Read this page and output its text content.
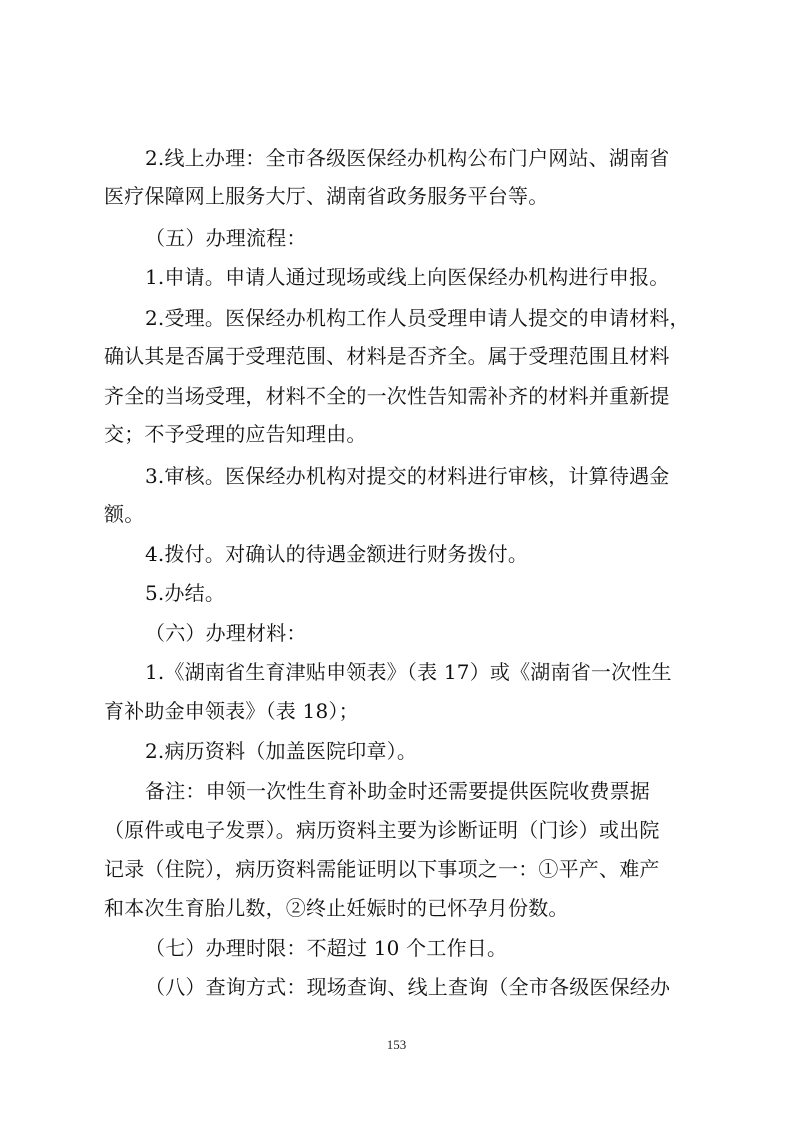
2.线上办理：全市各级医保经办机构公布门户网站、湖南省
医疗保障网上服务大厅、湖南省政务服务平台等。
（五）办理流程：
1.申请。申请人通过现场或线上向医保经办机构进行申报。
2.受理。医保经办机构工作人员受理申请人提交的申请材料，
确认其是否属于受理范围、材料是否齐全。属于受理范围且材料
齐全的当场受理，材料不全的一次性告知需补齐的材料并重新提
交；不予受理的应告知理由。
3.审核。医保经办机构对提交的材料进行审核，计算待遇金
额。
4.拨付。对确认的待遇金额进行财务拨付。
5.办结。
（六）办理材料：
1.《湖南省生育津贴申领表》（表 17）或《湖南省一次性生
育补助金申领表》（表 18）；
2.病历资料（加盖医院印章）。
备注：申领一次性生育补助金时还需要提供医院收费票据
（原件或电子发票）。病历资料主要为诊断证明（门诊）或出院
记录（住院），病历资料需能证明以下事项之一：①平产、难产
和本次生育胎儿数，②终止妊娠时的已怀孕月份数。
（七）办理时限：不超过 10 个工作日。
（八）查询方式：现场查询、线上查询（全市各级医保经办
153
